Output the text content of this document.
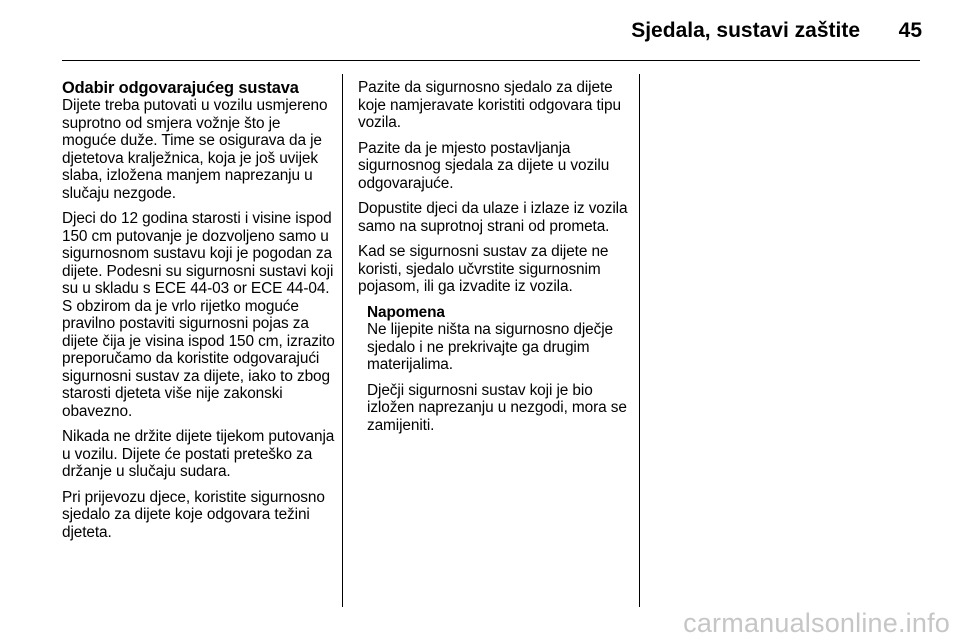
Sjedala, sustavi zaštite 45
Odabir odgovarajućeg sustava

Dijete treba putovati u vozilu usmjereno suprotno od smjera vožnje što je moguće duže. Time se osigurava da je djetetova kralježnica, koja je još uvijek slaba, izložena manjem naprezanju u slučaju nezgode.

Djeci do 12 godina starosti i visine ispod 150 cm putovanje je dozvoljeno samo u sigurnosnom sustavu koji je pogodan za dijete. Podesni su sigurnosni sustavi koji su u skladu s ECE 44-03 or ECE 44-04.

S obzirom da je vrlo rijetko moguće pravilno postaviti sigurnosni pojas za dijete čija je visina ispod 150 cm, izrazito preporučamo da koristite odgovarajući sigurnosni sustav za dijete, iako to zbog starosti djeteta više nije zakonski obavezno.

Nikada ne držite dijete tijekom putovanja u vozilu. Dijete će postati preteško za držanje u slučaju sudara.

Pri prijevozu djece, koristite sigurnosno sjedalo za dijete koje odgovara težini djeteta.

Pazite da sigurnosno sjedalo za dijete koje namjeravate koristiti odgovara tipu vozila.

Pazite da je mjesto postavljanja sigurnosnog sjedala za dijete u vozilu odgovarajuće.

Dopustite djeci da ulaze i izlaze iz vozila samo na suprotnoj strani od prometa.

Kad se sigurnosni sustav za dijete ne koristi, sjedalo učvrstite sigurnosnim pojasom, ili ga izvadite iz vozila.

Napomena

Ne lijepite ništa na sigurnosno dječje sjedalo i ne prekrivajte ga drugim materijalima.

Dječji sigurnosni sustav koji je bio izložen naprezanju u nezgodi, mora se zamijeniti.

carmanualsonline.info
